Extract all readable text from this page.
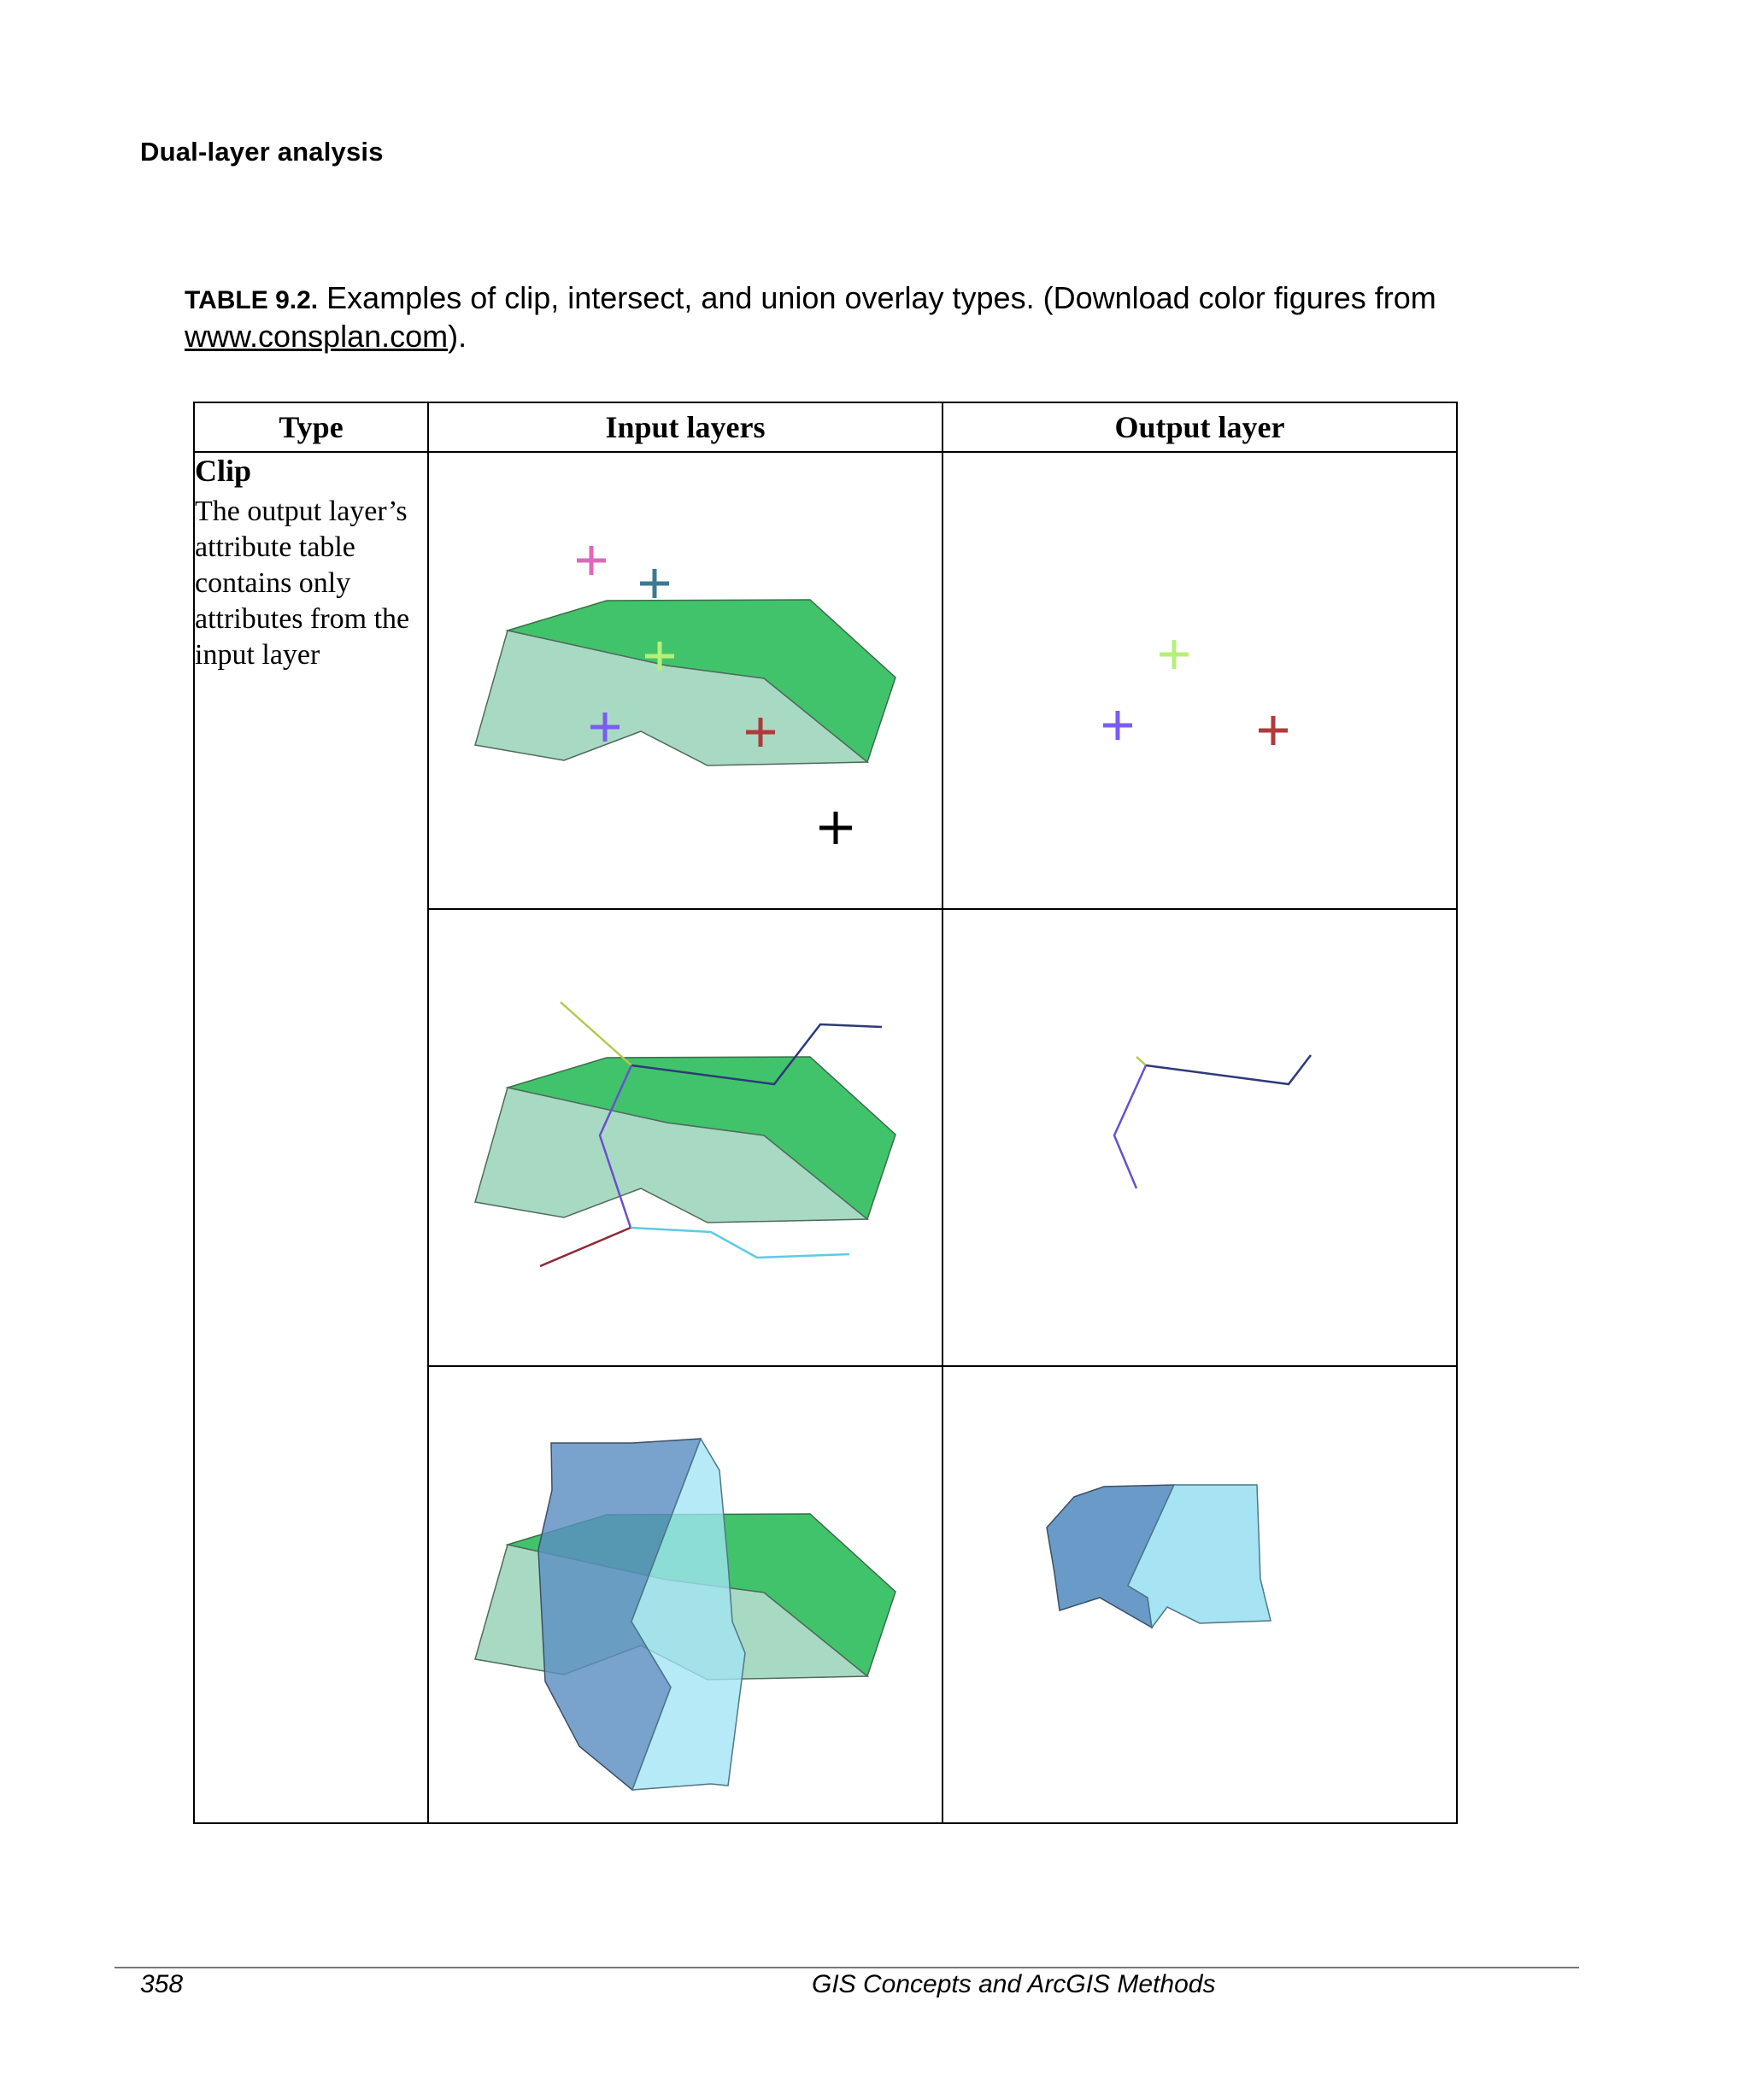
Dual-layer analysis
TABLE 9.2. Examples of clip, intersect, and union overlay types. (Download color figures from www.consplan.com).
Type	Input layers	Output layer

Clip
The output layer’s attribute table contains only attributes from the input layer

358	GIS Concepts and ArcGIS Methods
